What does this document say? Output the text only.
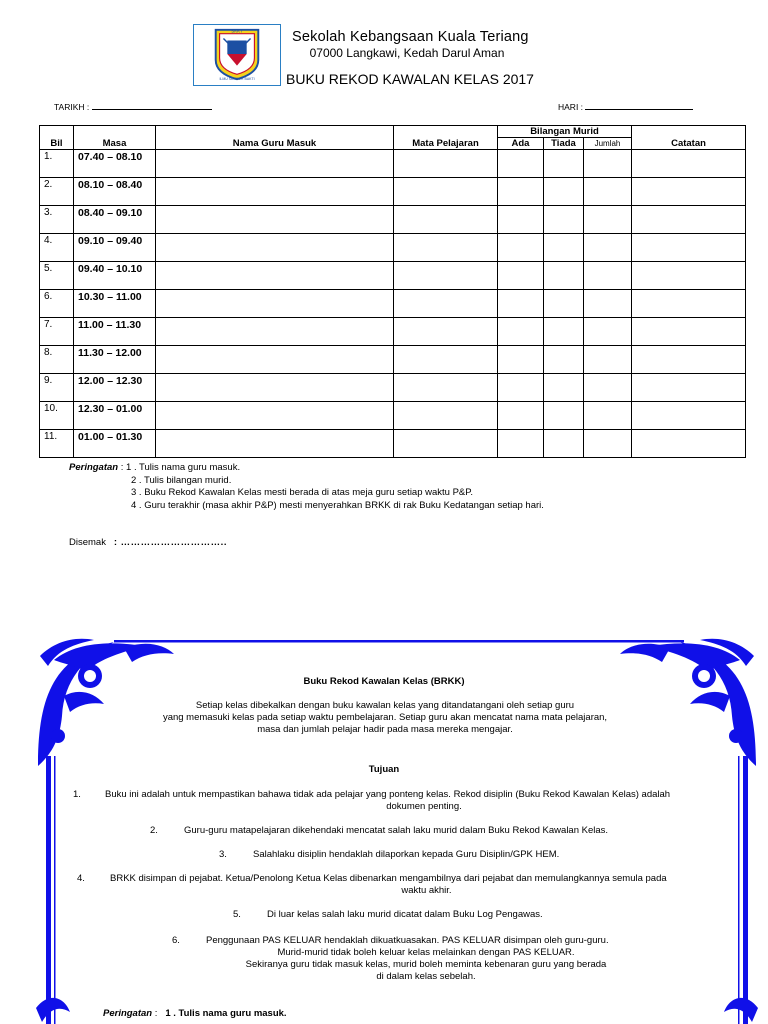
SKKT
ILMU SUMBER BAKTI
Sekolah Kebangsaan Kuala Teriang
07000 Langkawi, Kedah Darul Aman
BUKU REKOD KAWALAN KELAS 2017
TARIKH :	HARI :
				Bilangan Murid			
Bil	Masa	Nama Guru Masuk	Mata Pelajaran	Ada	Tiada	Jumlah	Catatan
1.	07.40 – 08.10						
2.	08.10 – 08.40						
3.	08.40 – 09.10						
4.	09.10 – 09.40						
5.	09.40 – 10.10						
6.	10.30 – 11.00						
7.	11.00 – 11.30						
8.	11.30 – 12.00						
9.	12.00 – 12.30						
10.	12.30 – 01.00						
11.	01.00 – 01.30						
Peringatan : 1 . Tulis nama guru masuk.
2 . Tulis bilangan murid.
3 . Buku Rekod Kawalan Kelas mesti berada di atas meja guru setiap waktu P&P.
4 . Guru terakhir (masa akhir P&P) mesti menyerahkan BRKK di rak Buku Kedatangan setiap hari.
Disemak : …………………………..
Buku Rekod Kawalan Kelas (BRKK)
Setiap kelas dibekalkan dengan buku kawalan kelas yang ditandatangani oleh setiap guru
yang memasuki kelas pada setiap waktu pembelajaran. Setiap guru akan mencatat nama mata pelajaran,
masa dan jumlah pelajar hadir pada masa mereka mengajar.
Tujuan
1.	Buku ini adalah untuk mempastikan bahawa tidak ada pelajar yang ponteng kelas. Rekod disiplin (Buku Rekod Kawalan Kelas) adalah
dokumen penting.
2.	Guru-guru matapelajaran dikehendaki mencatat salah laku murid dalam Buku Rekod Kawalan Kelas.
3.	Salahlaku disiplin hendaklah dilaporkan kepada Guru Disiplin/GPK HEM.
4.	BRKK disimpan di pejabat. Ketua/Penolong Ketua Kelas dibenarkan mengambilnya dari pejabat dan memulangkannya semula pada
waktu akhir.
5.	Di luar kelas salah laku murid dicatat dalam Buku Log Pengawas.
6.	Penggunaan PAS KELUAR hendaklah dikuatkuasakan. PAS KELUAR disimpan oleh guru-guru.
Murid-murid tidak boleh keluar kelas melainkan dengan PAS KELUAR.
Sekiranya guru tidak masuk kelas, murid boleh meminta kebenaran guru yang berada
di dalam kelas sebelah.
Peringatan :   1 . Tulis nama guru masuk.
